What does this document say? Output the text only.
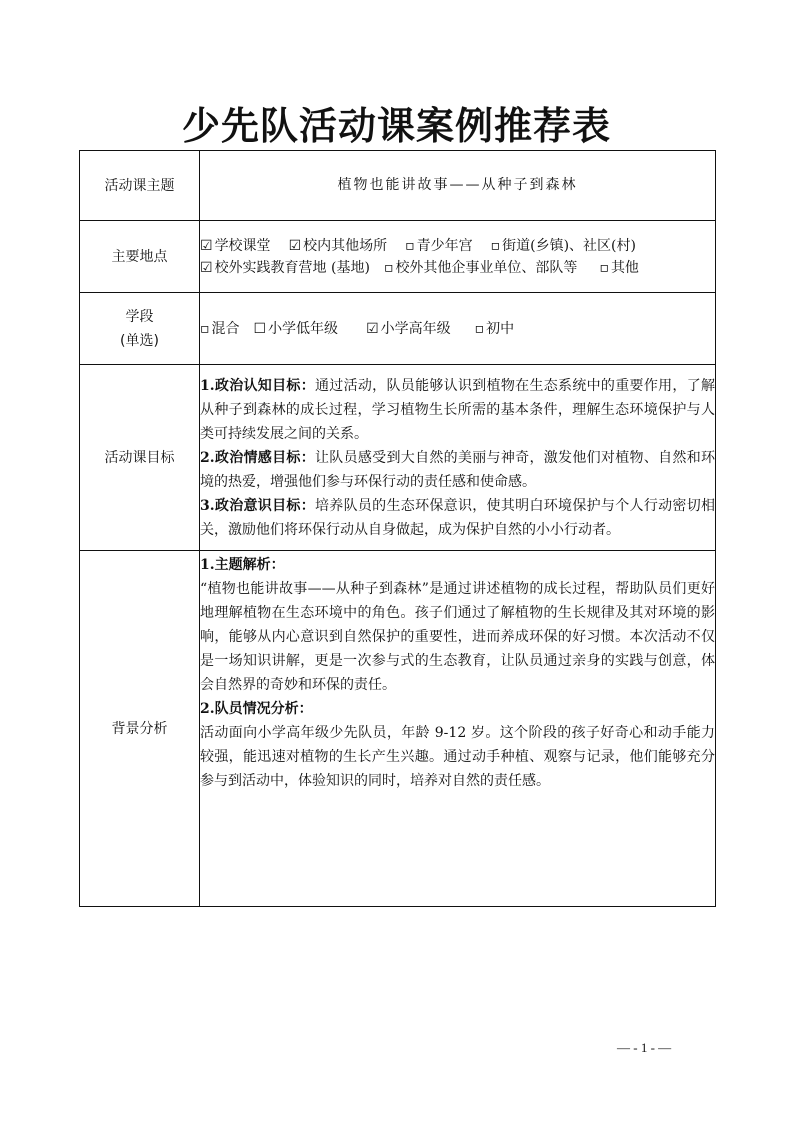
少先队活动课案例推荐表
活动课主题	植物也能讲故事——从种子到森林
主要地点	☑ 学校课堂 ☑ 校内其他场所 ▫ 青少年宫 ▫ 街道(乡镇)、社区(村)
☑ 校外实践教育营地 (基地) ▫ 校外其他企事业单位、部队等 ▫ 其他

学段
(单选)	▫ 混合 ☐ 小学低年级 ☑ 小学高年级 ▫ 初中

活动课目标	1.政治认知目标：通过活动，队员能够认识到植物在生态系统中的重要作用，了解从种子到森林的成长过程，学习植物生长所需的基本条件，理解生态环境保护与人类可持续发展之间的关系。
2.政治情感目标：让队员感受到大自然的美丽与神奇，激发他们对植物、自然和环境的热爱，增强他们参与环保行动的责任感和使命感。
3.政治意识目标：培养队员的生态环保意识，使其明白环境保护与个人行动密切相关，激励他们将环保行动从自身做起，成为保护自然的小小行动者。

背景分析	1.主题解析：
“植物也能讲故事——从种子到森林”是通过讲述植物的成长过程，帮助队员们更好地理解植物在生态环境中的角色。孩子们通过了解植物的生长规律及其对环境的影响，能够从内心意识到自然保护的重要性，进而养成环保的好习惯。本次活动不仅是一场知识讲解，更是一次参与式的生态教育，让队员通过亲身的实践与创意，体会自然界的奇妙和环保的责任。
2.队员情况分析：
活动面向小学高年级少先队员，年龄 9-12 岁。这个阶段的孩子好奇心和动手能力较强，能迅速对植物的生长产生兴趣。通过动手种植、观察与记录，他们能够充分参与到活动中，体验知识的同时，培养对自然的责任感。
— - 1 - —
